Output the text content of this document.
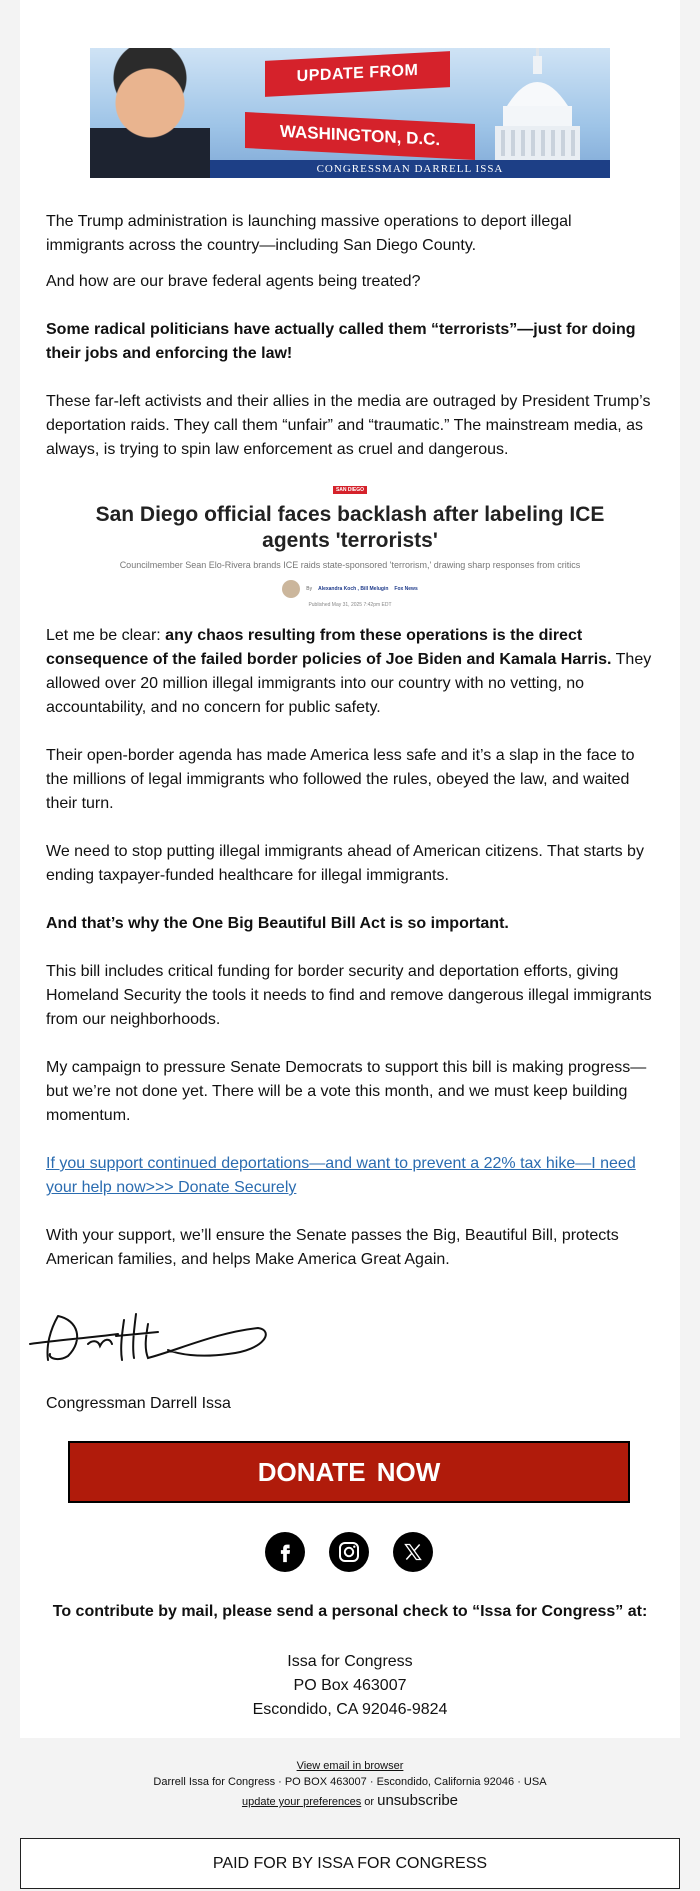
UPDATE FROM
WASHINGTON, D.C.
CONGRESSMAN DARRELL ISSA

The Trump administration is launching massive operations to deport illegal immigrants across the country—including San Diego County.

And how are our brave federal agents being treated?

Some radical politicians have actually called them “terrorists”—just for doing their jobs and enforcing the law!

These far-left activists and their allies in the media are outraged by President Trump’s deportation raids. They call them “unfair” and “traumatic.” The mainstream media, as always, is trying to spin law enforcement as cruel and dangerous.

SAN DIEGO
San Diego official faces backlash after labeling ICE agents 'terrorists'
Councilmember Sean Elo-Rivera brands ICE raids state-sponsored 'terrorism,' drawing sharp responses from critics
By Alexandra Koch , Bill Melugin Fox News
Published May 31, 2025 7:42pm EDT

Let me be clear: any chaos resulting from these operations is the direct consequence of the failed border policies of Joe Biden and Kamala Harris. They allowed over 20 million illegal immigrants into our country with no vetting, no accountability, and no concern for public safety.

Their open-border agenda has made America less safe and it’s a slap in the face to the millions of legal immigrants who followed the rules, obeyed the law, and waited their turn.

We need to stop putting illegal immigrants ahead of American citizens. That starts by ending taxpayer-funded healthcare for illegal immigrants.

And that’s why the One Big Beautiful Bill Act is so important.

This bill includes critical funding for border security and deportation efforts, giving Homeland Security the tools it needs to find and remove dangerous illegal immigrants from our neighborhoods.

My campaign to pressure Senate Democrats to support this bill is making progress—but we’re not done yet. There will be a vote this month, and we must keep building momentum.

If you support continued deportations—and want to prevent a 22% tax hike—I need your help now>>> Donate Securely

With your support, we’ll ensure the Senate passes the Big, Beautiful Bill, protects American families, and helps Make America Great Again.

Congressman Darrell Issa

DONATE NOW
To contribute by mail, please send a personal check to “Issa for Congress” at:
Issa for Congress
PO Box 463007
Escondido, CA 92046-9824
View email in browser
Darrell Issa for Congress · PO BOX 463007 · Escondido, California 92046 · USA
update your preferences or unsubscribe
PAID FOR BY ISSA FOR CONGRESS
